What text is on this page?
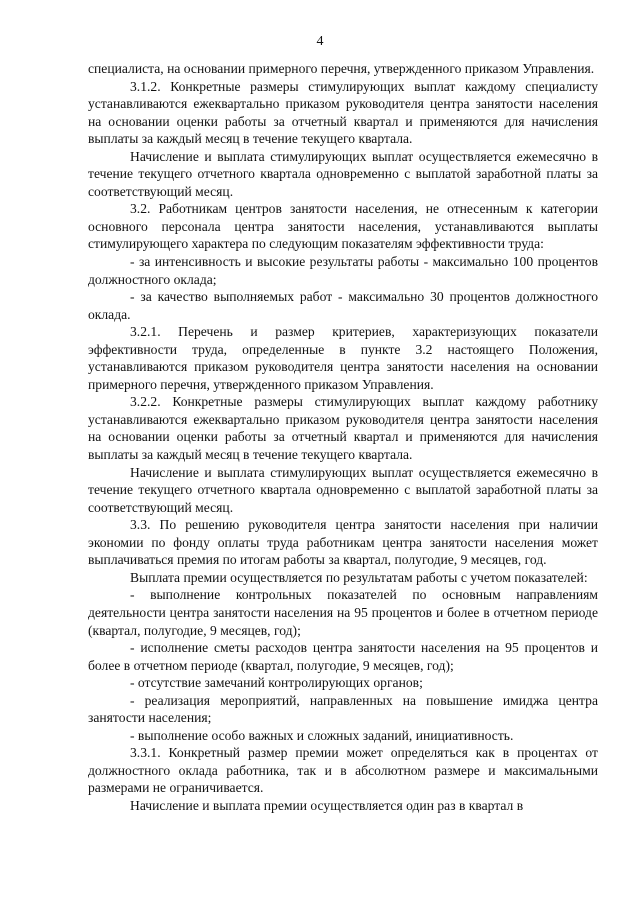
4

специалиста, на основании примерного перечня, утвержденного приказом Управления.

3.1.2. Конкретные размеры стимулирующих выплат каждому специалисту устанавливаются ежеквартально приказом руководителя центра занятости населения на основании оценки работы за отчетный квартал и применяются для начисления выплаты за каждый месяц в течение текущего квартала.

Начисление и выплата стимулирующих выплат осуществляется ежемесячно в течение текущего отчетного квартала одновременно с выплатой заработной платы за соответствующий месяц.

3.2. Работникам центров занятости населения, не отнесенным к категории основного персонала центра занятости населения, устанавливаются выплаты стимулирующего характера по следующим показателям эффективности труда:

- за интенсивность и высокие результаты работы - максимально 100 процентов должностного оклада;

- за качество выполняемых работ - максимально 30 процентов должностного оклада.

3.2.1. Перечень и размер критериев, характеризующих показатели эффективности труда, определенные в пункте 3.2 настоящего Положения, устанавливаются приказом руководителя центра занятости населения на основании примерного перечня, утвержденного приказом Управления.

3.2.2. Конкретные размеры стимулирующих выплат каждому работнику устанавливаются ежеквартально приказом руководителя центра занятости населения на основании оценки работы за отчетный квартал и применяются для начисления выплаты за каждый месяц в течение текущего квартала.

Начисление и выплата стимулирующих выплат осуществляется ежемесячно в течение текущего отчетного квартала одновременно с выплатой заработной платы за соответствующий месяц.

3.3. По решению руководителя центра занятости населения при наличии экономии по фонду оплаты труда работникам центра занятости населения может выплачиваться премия по итогам работы за квартал, полугодие, 9 месяцев, год.

Выплата премии осуществляется по результатам работы с учетом показателей:

- выполнение контрольных показателей по основным направлениям деятельности центра занятости населения на 95 процентов и более в отчетном периоде (квартал, полугодие, 9 месяцев, год);

- исполнение сметы расходов центра занятости населения на 95 процентов и более в отчетном периоде (квартал, полугодие, 9 месяцев, год);

- отсутствие замечаний контролирующих органов;

- реализация мероприятий, направленных на повышение имиджа центра занятости населения;

- выполнение особо важных и сложных заданий, инициативность.

3.3.1. Конкретный размер премии может определяться как в процентах от должностного оклада работника, так и в абсолютном размере и максимальными размерами не ограничивается.

Начисление и выплата премии осуществляется один раз в квартал в
